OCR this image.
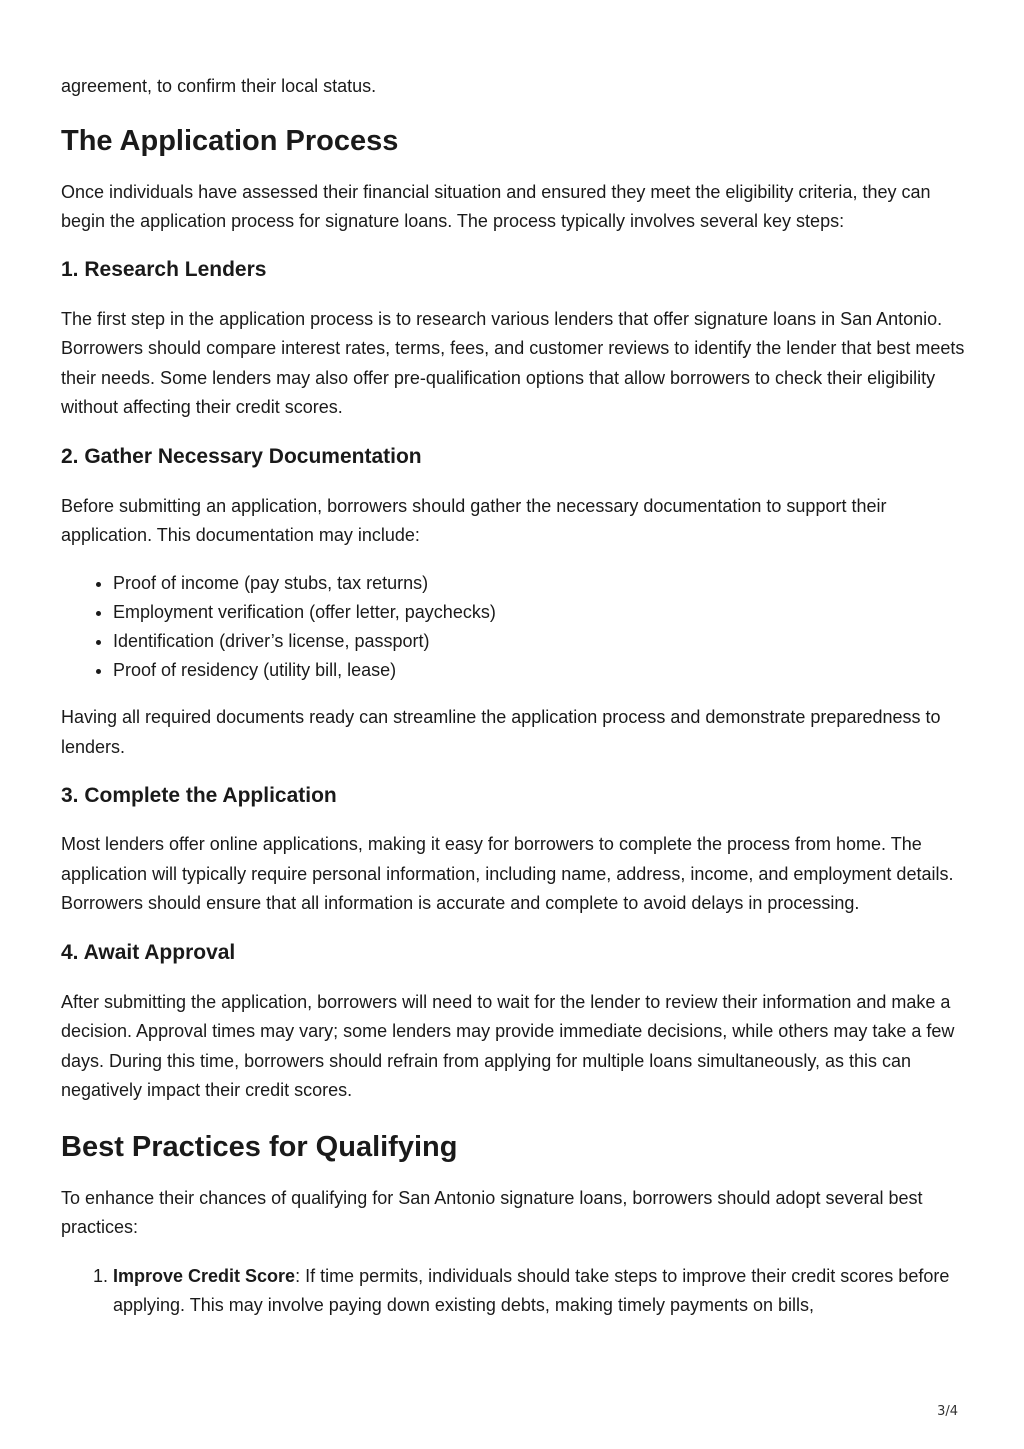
agreement, to confirm their local status.

The Application Process

Once individuals have assessed their financial situation and ensured they meet the eligibility criteria, they can begin the application process for signature loans. The process typically involves several key steps:

1. Research Lenders

The first step in the application process is to research various lenders that offer signature loans in San Antonio. Borrowers should compare interest rates, terms, fees, and customer reviews to identify the lender that best meets their needs. Some lenders may also offer pre-qualification options that allow borrowers to check their eligibility without affecting their credit scores.

2. Gather Necessary Documentation

Before submitting an application, borrowers should gather the necessary documentation to support their application. This documentation may include:

• Proof of income (pay stubs, tax returns)
• Employment verification (offer letter, paychecks)
• Identification (driver’s license, passport)
• Proof of residency (utility bill, lease)

Having all required documents ready can streamline the application process and demonstrate preparedness to lenders.

3. Complete the Application

Most lenders offer online applications, making it easy for borrowers to complete the process from home. The application will typically require personal information, including name, address, income, and employment details. Borrowers should ensure that all information is accurate and complete to avoid delays in processing.

4. Await Approval

After submitting the application, borrowers will need to wait for the lender to review their information and make a decision. Approval times may vary; some lenders may provide immediate decisions, while others may take a few days. During this time, borrowers should refrain from applying for multiple loans simultaneously, as this can negatively impact their credit scores.

Best Practices for Qualifying

To enhance their chances of qualifying for San Antonio signature loans, borrowers should adopt several best practices:

1. Improve Credit Score: If time permits, individuals should take steps to improve their credit scores before applying. This may involve paying down existing debts, making timely payments on bills,
3/4
